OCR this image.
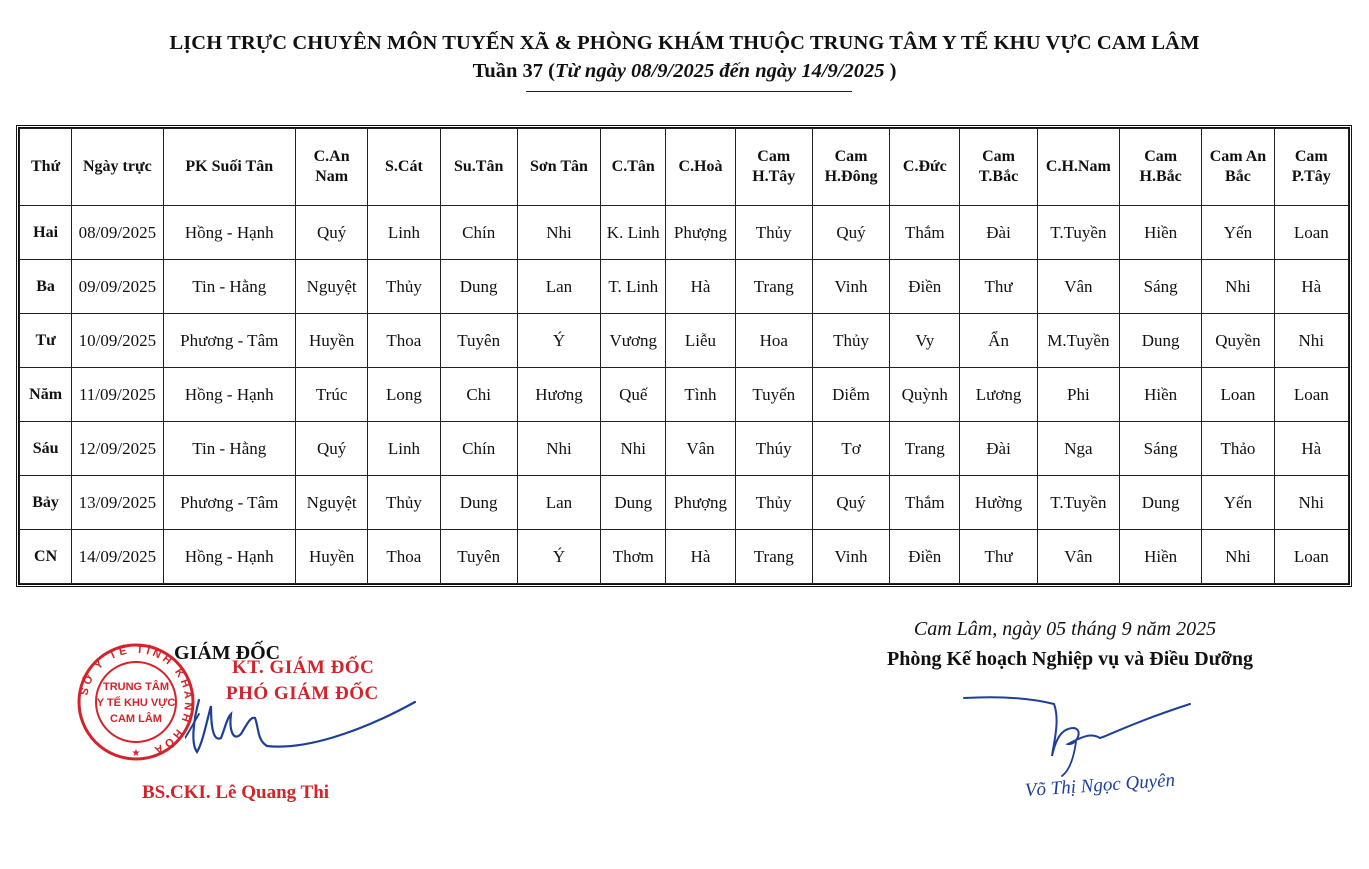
LỊCH TRỰC CHUYÊN MÔN TUYẾN XÃ & PHÒNG KHÁM THUỘC TRUNG TÂM Y TẾ KHU VỰC CAM LÂM
Tuần 37 (Từ ngày 08/9/2025 đến ngày 14/9/2025 )
Thứ	Ngày trực	PK Suối Tân	C.An Nam	S.Cát	Su.Tân	Sơn Tân	C.Tân	C.Hoà	Cam H.Tây	Cam H.Đông	C.Đức	Cam T.Bắc	C.H.Nam	Cam H.Bắc	Cam An Bắc	Cam P.Tây
Hai	08/09/2025	Hồng - Hạnh	Quý	Linh	Chín	Nhi	K. Linh	Phượng	Thủy	Quý	Thắm	Đài	T.Tuyền	Hiền	Yến	Loan
Ba	09/09/2025	Tin - Hằng	Nguyệt	Thủy	Dung	Lan	T. Linh	Hà	Trang	Vinh	Điền	Thư	Vân	Sáng	Nhi	Hà
Tư	10/09/2025	Phương - Tâm	Huyền	Thoa	Tuyên	Ý	Vương	Liễu	Hoa	Thủy	Vy	Ẩn	M.Tuyền	Dung	Quyền	Nhi
Năm	11/09/2025	Hồng - Hạnh	Trúc	Long	Chi	Hương	Quế	Tình	Tuyến	Diễm	Quỳnh	Lương	Phi	Hiền	Loan	Loan
Sáu	12/09/2025	Tin - Hằng	Quý	Linh	Chín	Nhi	Nhi	Vân	Thúy	Tơ	Trang	Đài	Nga	Sáng	Thảo	Hà
Bảy	13/09/2025	Phương - Tâm	Nguyệt	Thủy	Dung	Lan	Dung	Phượng	Thủy	Quý	Thắm	Hường	T.Tuyền	Dung	Yến	Nhi
CN	14/09/2025	Hồng - Hạnh	Huyền	Thoa	Tuyên	Ý	Thơm	Hà	Trang	Vinh	Điền	Thư	Vân	Hiền	Nhi	Loan
SỞ Y TẾ TỈNH KHÁNH HÒA
TRUNG TÂM
Y TẾ KHU VỰC
CAM LÂM
★
GIÁM ĐỐC
KT. GIÁM ĐỐC
PHÓ GIÁM ĐỐC
BS.CKI. Lê Quang Thi
Cam Lâm, ngày 05 tháng 9 năm 2025
Phòng Kế hoạch Nghiệp vụ và Điều Dưỡng
Võ Thị Ngọc Quyên
